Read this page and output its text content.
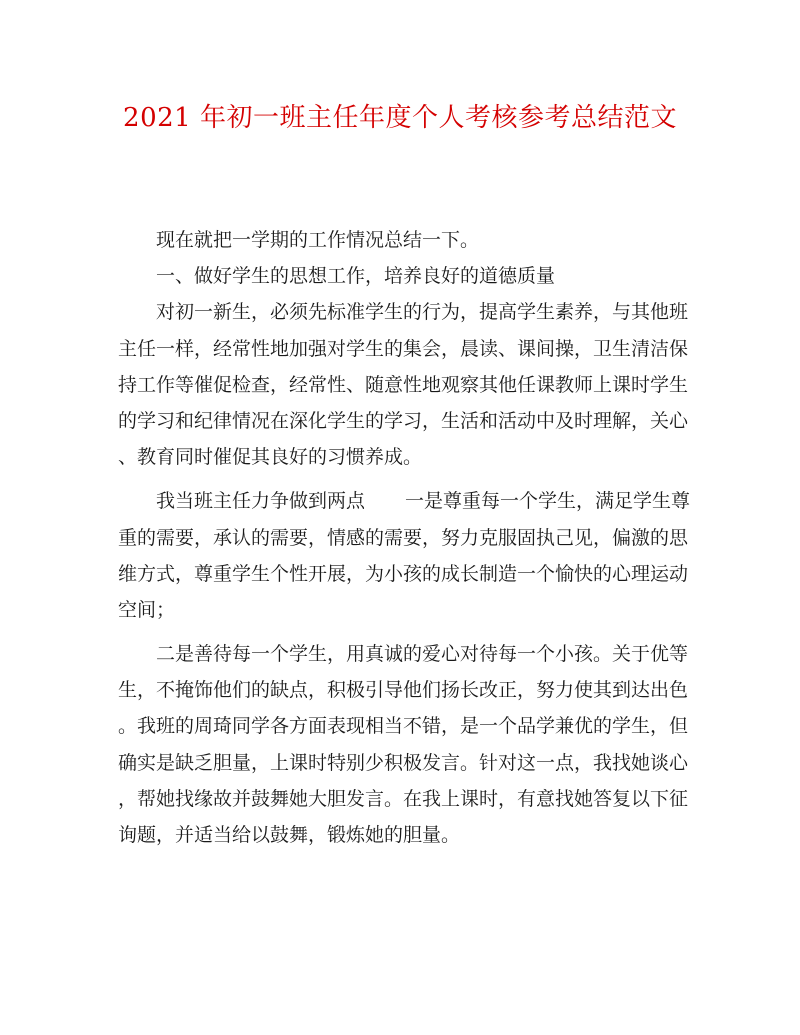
2021 年初一班主任年度个人考核参考总结范文
现在就把一学期的工作情况总结一下。
一、做好学生的思想工作，培养良好的道德质量
对初一新生，必须先标准学生的行为，提高学生素养，与其他班
主任一样，经常性地加强对学生的集会，晨读、课间操，卫生清洁保
持工作等催促检查，经常性、随意性地观察其他任课教师上课时学生
的学习和纪律情况在深化学生的学习，生活和活动中及时理解，关心
、教育同时催促其良好的习惯养成。
我当班主任力争做到两点 一是尊重每一个学生，满足学生尊
重的需要，承认的需要，情感的需要，努力克服固执己见，偏激的思
维方式，尊重学生个性开展，为小孩的成长制造一个愉快的心理运动
空间；
二是善待每一个学生，用真诚的爱心对待每一个小孩。关于优等
生，不掩饰他们的缺点，积极引导他们扬长改正，努力使其到达出色
。我班的周琦同学各方面表现相当不错，是一个品学兼优的学生，但
确实是缺乏胆量，上课时特别少积极发言。针对这一点，我找她谈心
，帮她找缘故并鼓舞她大胆发言。在我上课时，有意找她答复以下征
询题，并适当给以鼓舞，锻炼她的胆量。
